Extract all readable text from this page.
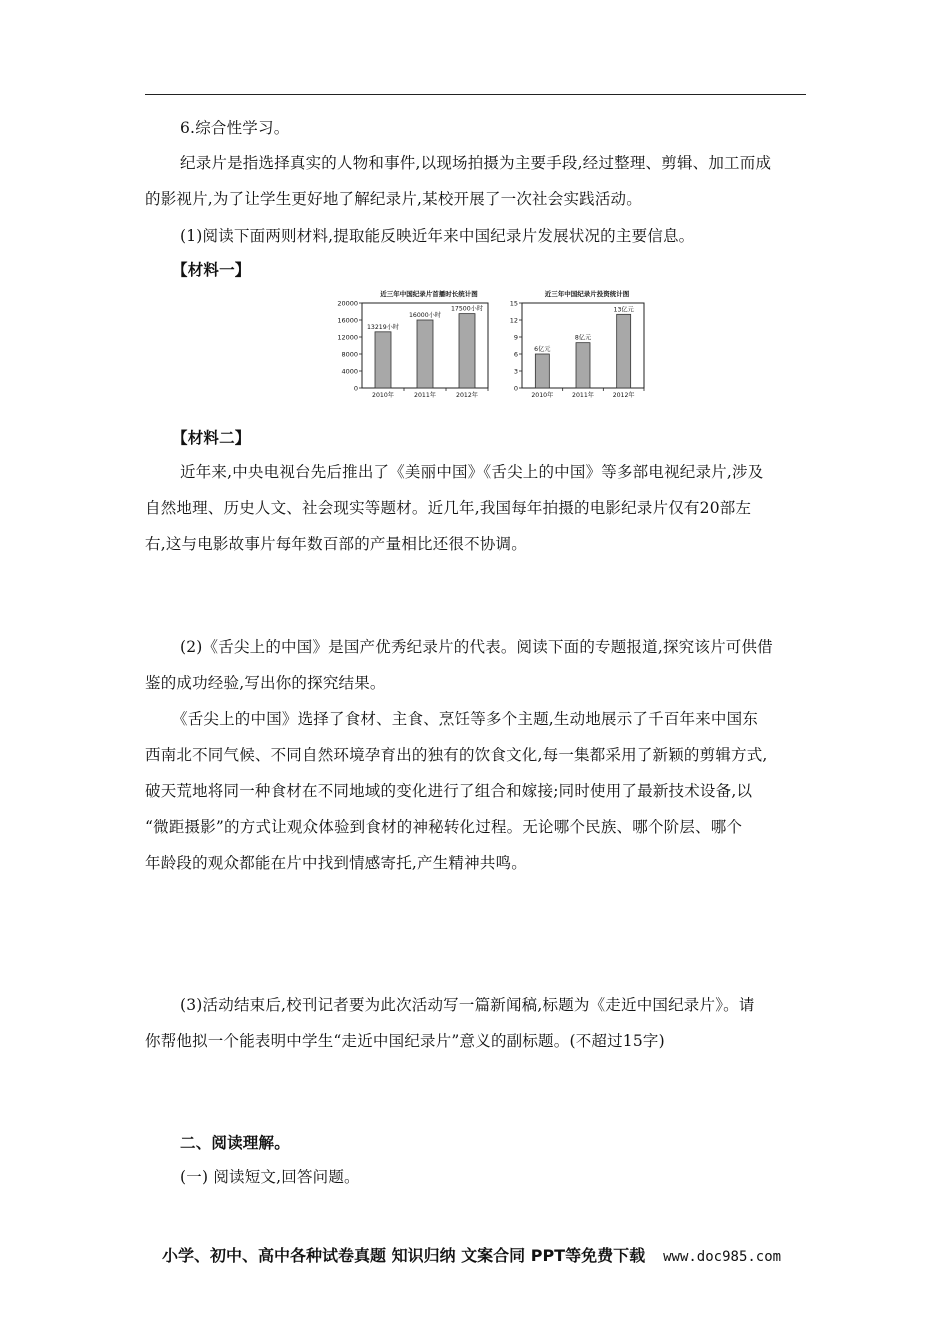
6.综合性学习。
纪录片是指选择真实的人物和事件,以现场拍摄为主要手段,经过整理、剪辑、加工而成
的影视片,为了让学生更好地了解纪录片,某校开展了一次社会实践活动。
(1)阅读下面两则材料,提取能反映近年来中国纪录片发展状况的主要信息。
【材料一】
近三年中国纪录片首播时长统计图
0
4000
8000
12000
16000
20000
13219小时
2010年
16000小时
2011年
17500小时
2012年
近三年中国纪录片投资统计图
0
3
6
9
12
15
6亿元
2010年
8亿元
2011年
13亿元
2012年
【材料二】
近年来,中央电视台先后推出了《美丽中国》《舌尖上的中国》等多部电视纪录片,涉及
自然地理、历史人文、社会现实等题材。近几年,我国每年拍摄的电影纪录片仅有20部左
右,这与电影故事片每年数百部的产量相比还很不协调。
(2)《舌尖上的中国》是国产优秀纪录片的代表。阅读下面的专题报道,探究该片可供借
鉴的成功经验,写出你的探究结果。
《舌尖上的中国》选择了食材、主食、烹饪等多个主题,生动地展示了千百年来中国东
西南北不同气候、不同自然环境孕育出的独有的饮食文化,每一集都采用了新颖的剪辑方式,
破天荒地将同一种食材在不同地域的变化进行了组合和嫁接;同时使用了最新技术设备,以
“微距摄影”的方式让观众体验到食材的神秘转化过程。无论哪个民族、哪个阶层、哪个
年龄段的观众都能在片中找到情感寄托,产生精神共鸣。
(3)活动结束后,校刊记者要为此次活动写一篇新闻稿,标题为《走近中国纪录片》。请
你帮他拟一个能表明中学生“走近中国纪录片”意义的副标题。(不超过15字)
二、阅读理解。
(一) 阅读短文,回答问题。
小学、初中、高中各种试卷真题 知识归纳 文案合同 PPT等免费下载 www.doc985.com
